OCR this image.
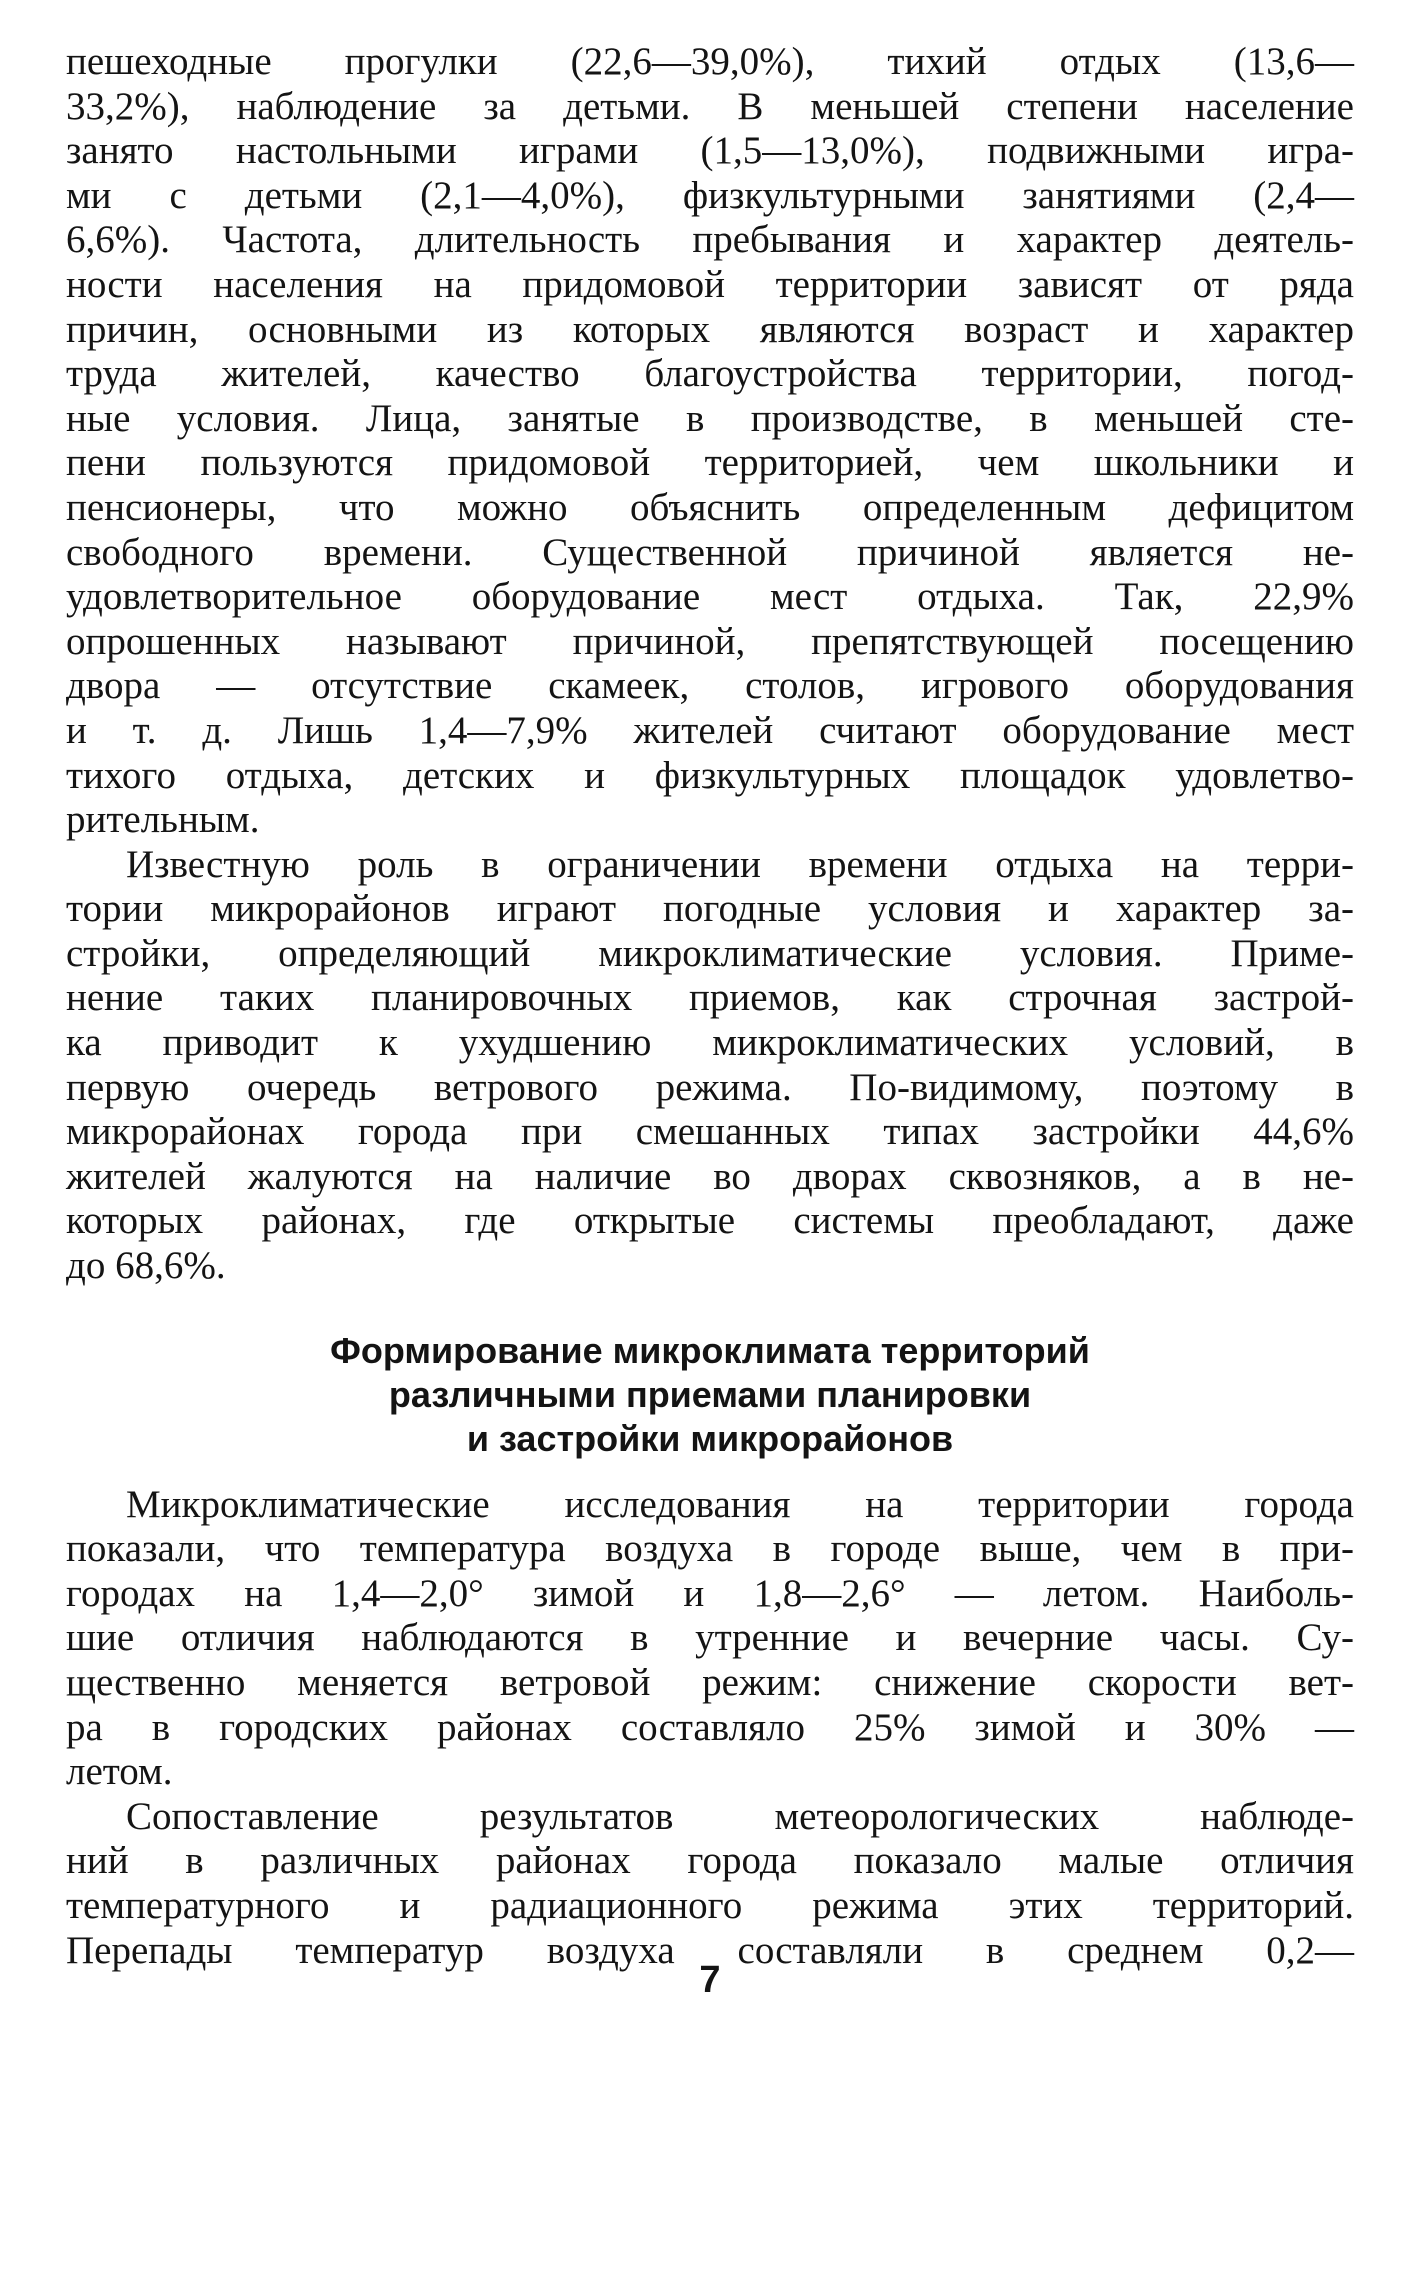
пешеходные прогулки (22,6—39,0%), тихий отдых (13,6—
33,2%), наблюдение за детьми. В меньшей степени население
занято настольными играми (1,5—13,0%), подвижными игра-
ми с детьми (2,1—4,0%), физкультурными занятиями (2,4—
6,6%). Частота, длительность пребывания и характер деятель-
ности населения на придомовой территории зависят от ряда
причин, основными из которых являются возраст и характер
труда жителей, качество благоустройства территории, погод-
ные условия. Лица, занятые в производстве, в меньшей сте-
пени пользуются придомовой территорией, чем школьники и
пенсионеры, что можно объяснить определенным дефицитом
свободного времени. Существенной причиной является не-
удовлетворительное оборудование мест отдыха. Так, 22,9%
опрошенных называют причиной, препятствующей посещению
двора — отсутствие скамеек, столов, игрового оборудования
и т. д. Лишь 1,4—7,9% жителей считают оборудование мест
тихого отдыха, детских и физкультурных площадок удовлетво-
рительным.
Известную роль в ограничении времени отдыха на терри-
тории микрорайонов играют погодные условия и характер за-
стройки, определяющий микроклиматические условия. Приме-
нение таких планировочных приемов, как строчная застрой-
ка приводит к ухудшению микроклиматических условий, в
первую очередь ветрового режима. По-видимому, поэтому в
микрорайонах города при смешанных типах застройки 44,6%
жителей жалуются на наличие во дворах сквозняков, а в не-
которых районах, где открытые системы преобладают, даже
до 68,6%.
Формирование микроклимата территорий
различными приемами планировки
и застройки микрорайонов
Микроклиматические исследования на территории города
показали, что температура воздуха в городе выше, чем в при-
городах на 1,4—2,0° зимой и 1,8—2,6° — летом. Наиболь-
шие отличия наблюдаются в утренние и вечерние часы. Су-
щественно меняется ветровой режим: снижение скорости вет-
ра в городских районах составляло 25% зимой и 30% —
летом.
Сопоставление результатов метеорологических наблюде-
ний в различных районах города показало малые отличия
температурного и радиационного режима этих территорий.
Перепады температур воздуха составляли в среднем 0,2—
7
